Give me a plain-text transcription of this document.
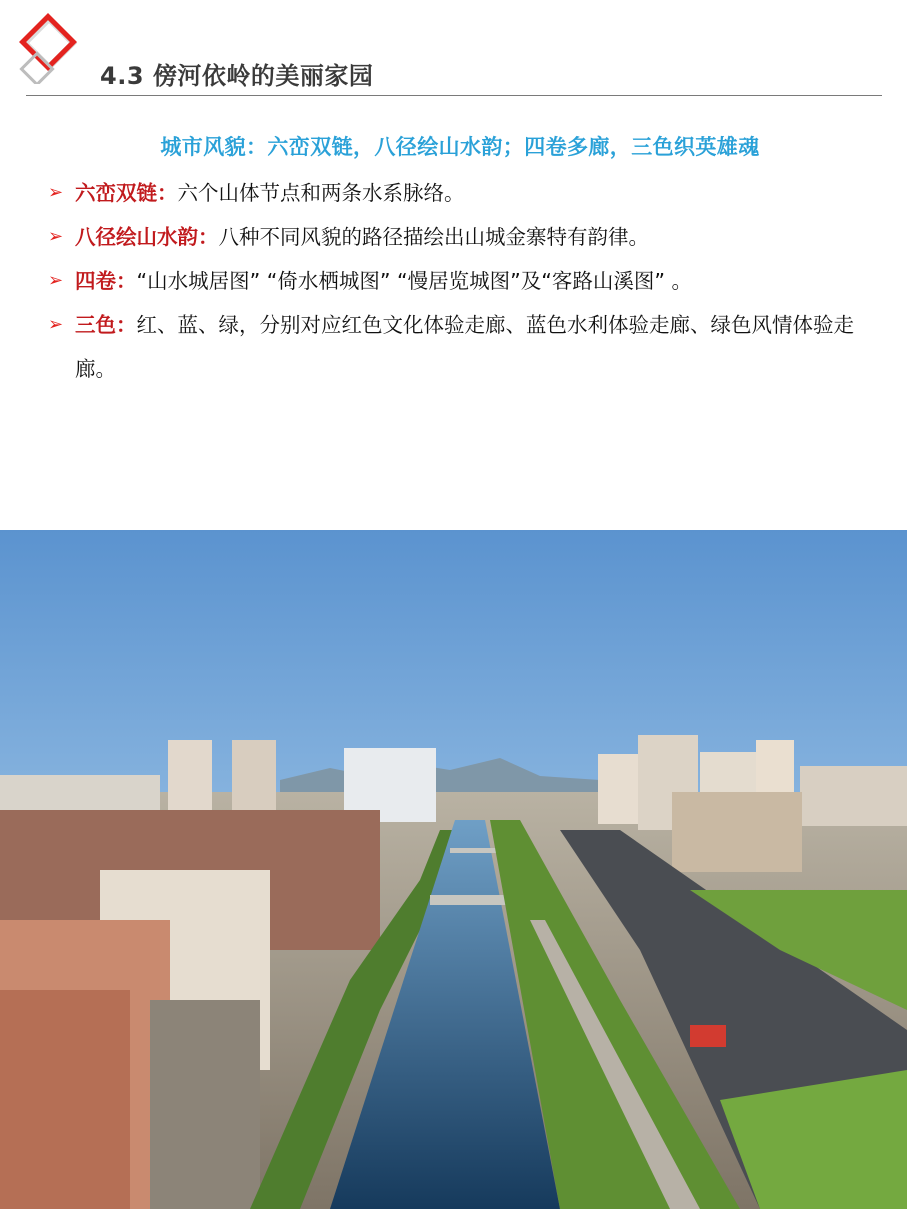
4.3 傍河依岭的美丽家园
城市风貌：六峦双链，八径绘山水韵；四卷多廊，三色织英雄魂
➢ 六峦双链：六个山体节点和两条水系脉络。
➢ 八径绘山水韵：八种不同风貌的路径描绘出山城金寨特有韵律。
➢ 四卷：“山水城居图” “倚水栖城图” “慢居览城图”及“客路山溪图” 。
➢ 三色：红、蓝、绿，分别对应红色文化体验走廊、蓝色水利体验走廊、绿色风情体验走廊。
